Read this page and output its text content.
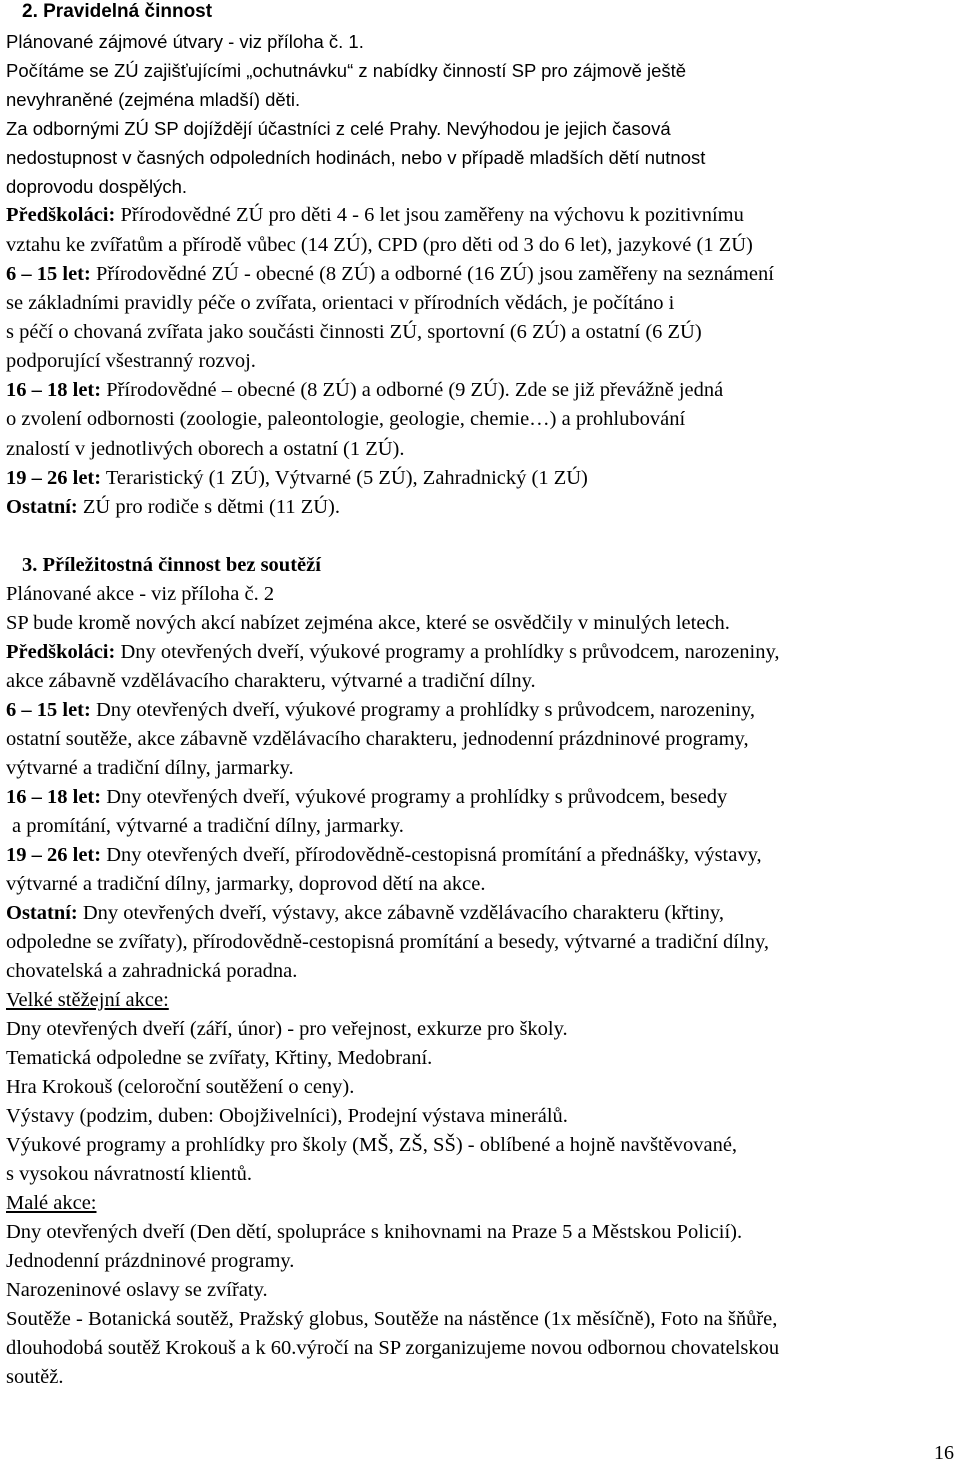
2. Pravidelná činnost
Plánované zájmové útvary - viz příloha č. 1.
Počítáme se ZÚ zajišťujícími „ochutnávku“ z nabídky činností SP pro zájmově ještě
nevyhraněné (zejména mladší) děti.
Za odbornými ZÚ SP dojíždějí účastníci z celé Prahy. Nevýhodou je jejich časová
nedostupnost v časných odpoledních hodinách, nebo v případě mladších dětí nutnost
doprovodu dospělých.
Předškoláci: Přírodovědné ZÚ pro děti 4 - 6 let jsou zaměřeny na výchovu k pozitivnímu
vztahu ke zvířatům a přírodě vůbec (14 ZÚ), CPD (pro děti od 3 do 6 let), jazykové (1 ZÚ)
6 – 15 let: Přírodovědné ZÚ - obecné (8 ZÚ) a odborné (16 ZÚ) jsou zaměřeny na seznámení
se základními pravidly péče o zvířata, orientaci v přírodních vědách, je počítáno i
s péčí o chovaná zvířata jako součásti činnosti ZÚ, sportovní (6 ZÚ) a ostatní (6 ZÚ)
podporující všestranný rozvoj.
16 – 18 let: Přírodovědné – obecné (8 ZÚ) a odborné (9 ZÚ). Zde se již převážně jedná
o zvolení odbornosti (zoologie, paleontologie, geologie, chemie…) a prohlubování
znalostí v jednotlivých oborech a ostatní (1 ZÚ).
19 – 26 let: Teraristický (1 ZÚ), Výtvarné (5 ZÚ), Zahradnický (1 ZÚ)
Ostatní: ZÚ pro rodiče s dětmi (11 ZÚ).
3. Příležitostná činnost bez soutěží
Plánované akce - viz příloha č. 2
SP bude kromě nových akcí nabízet zejména akce, které se osvědčily v minulých letech.
Předškoláci: Dny otevřených dveří, výukové programy a prohlídky s průvodcem, narozeniny,
akce zábavně vzdělávacího charakteru, výtvarné a tradiční dílny.
6 – 15 let: Dny otevřených dveří, výukové programy a prohlídky s průvodcem, narozeniny,
ostatní soutěže, akce zábavně vzdělávacího charakteru, jednodenní prázdninové programy,
výtvarné a tradiční dílny, jarmarky.
16 – 18 let: Dny otevřených dveří, výukové programy a prohlídky s průvodcem, besedy
a promítání, výtvarné a tradiční dílny, jarmarky.
19 – 26 let: Dny otevřených dveří, přírodovědně-cestopisná promítání a přednášky, výstavy,
výtvarné a tradiční dílny, jarmarky, doprovod dětí na akce.
Ostatní: Dny otevřených dveří, výstavy, akce zábavně vzdělávacího charakteru (křtiny,
odpoledne se zvířaty), přírodovědně-cestopisná promítání a besedy, výtvarné a tradiční dílny,
chovatelská a zahradnická poradna.
Velké stěžejní akce:
Dny otevřených dveří (září, únor) - pro veřejnost, exkurze pro školy.
Tematická odpoledne se zvířaty, Křtiny, Medobraní.
Hra Krokouš (celoroční soutěžení o ceny).
Výstavy (podzim, duben: Obojživelníci), Prodejní výstava minerálů.
Výukové programy a prohlídky pro školy (MŠ, ZŠ, SŠ) - oblíbené a hojně navštěvované,
s vysokou návratností klientů.
Malé akce:
Dny otevřených dveří (Den dětí, spolupráce s knihovnami na Praze 5 a Městskou Policií).
Jednodenní prázdninové programy.
Narozeninové oslavy se zvířaty.
Soutěže - Botanická soutěž, Pražský globus, Soutěže na nástěnce (1x měsíčně), Foto na šňůře,
dlouhodobá soutěž Krokouš a k 60.výročí na SP zorganizujeme novou odbornou chovatelskou
soutěž.
16
